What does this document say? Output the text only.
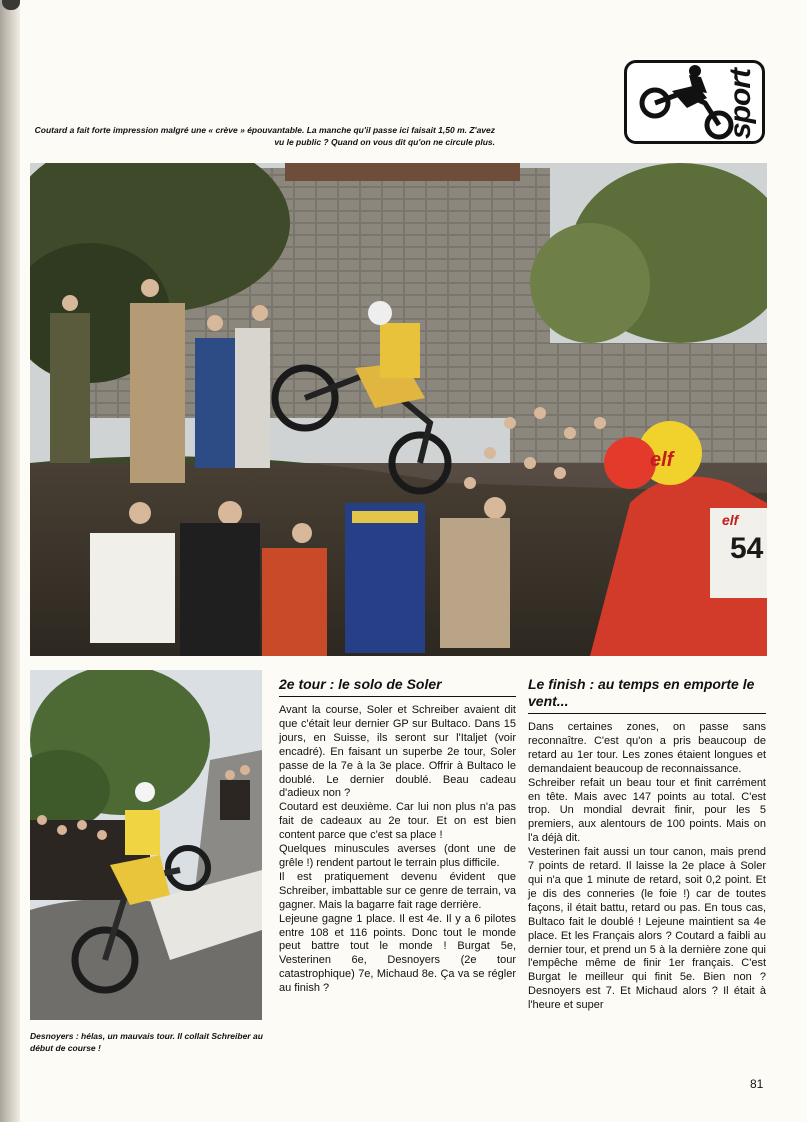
sport
Coutard a fait forte impression malgré une « crève » épouvantable. La manche qu'il passe ici faisait 1,50 m. Z'avez vu le public ? Quand on vous dit qu'on ne circule plus.
elf
54
elf
Desnoyers : hélas, un mauvais tour. Il collait Schreiber au début de course !
2e tour : le solo de Soler

Avant la course, Soler et Schreiber avaient dit que c'était leur dernier GP sur Bultaco. Dans 15 jours, en Suisse, ils seront sur l'Italjet (voir encadré). En faisant un superbe 2e tour, Soler passe de la 7e à la 3e place. Offrir à Bultaco le doublé. Le dernier doublé. Beau cadeau d'adieux non ?

Coutard est deuxième. Car lui non plus n'a pas fait de cadeaux au 2e tour. Et on est bien content parce que c'est sa place !

Quelques minuscules averses (dont une de grêle !) rendent partout le terrain plus difficile.

Il est pratiquement devenu évident que Schreiber, imbattable sur ce genre de terrain, va gagner. Mais la bagarre fait rage derrière.

Lejeune gagne 1 place. Il est 4e. Il y a 6 pilotes entre 108 et 116 points. Donc tout le monde peut battre tout le monde ! Burgat 5e, Vesterinen 6e, Desnoyers (2e tour catastrophique) 7e, Michaud 8e. Ça va se régler au finish ?

Le finish : au temps en emporte le vent...

Dans certaines zones, on passe sans reconnaître. C'est qu'on a pris beaucoup de retard au 1er tour. Les zones étaient longues et demandaient beaucoup de reconnaissance.

Schreiber refait un beau tour et finit carrément en tête. Mais avec 147 points au total. C'est trop. Un mondial devrait finir, pour les 5 premiers, aux alentours de 100 points. Mais on l'a déjà dit.

Vesterinen fait aussi un tour canon, mais prend 7 points de retard. Il laisse la 2e place à Soler qui n'a que 1 minute de retard, soit 0,2 point. Et je dis des conneries (le foie !) car de toutes façons, il était battu, retard ou pas. En tous cas, Bultaco fait le doublé ! Lejeune maintient sa 4e place. Et les Français alors ? Coutard a faibli au dernier tour, et prend un 5 à la dernière zone qui l'empêche même de finir 1er français. C'est Burgat le meilleur qui finit 5e. Bien non ? Desnoyers est 7. Et Michaud alors ? Il était à l'heure et super

81
